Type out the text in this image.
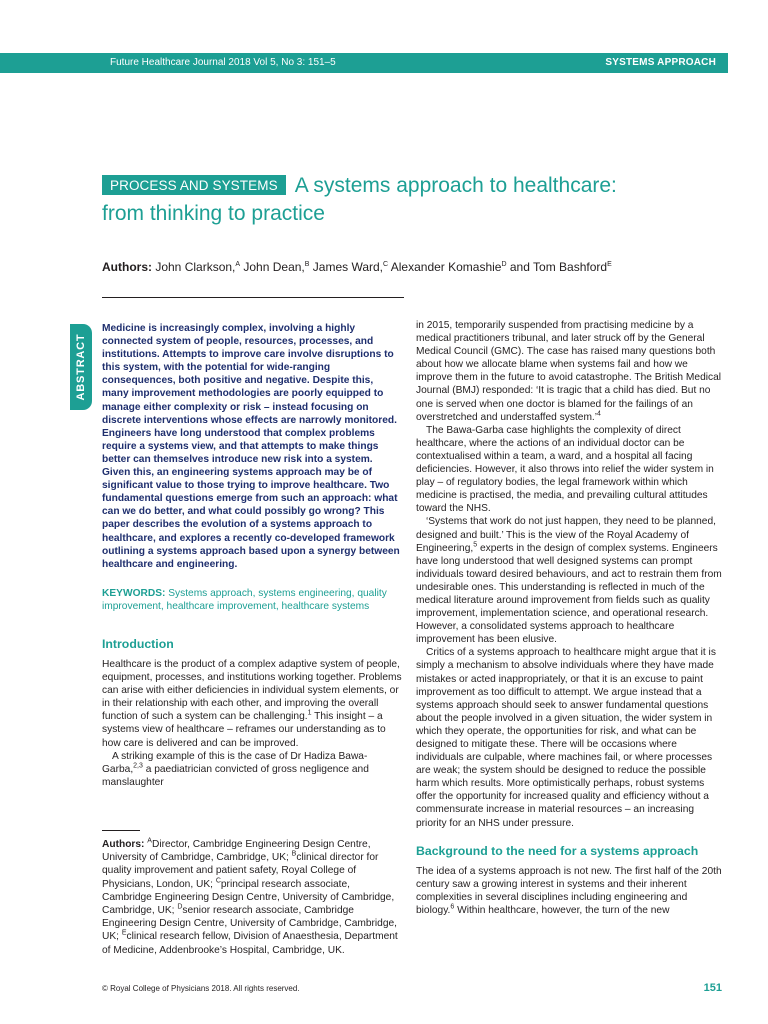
Future Healthcare Journal 2018 Vol 5, No 3: 151–5	SYSTEMS APPROACH
PROCESS AND SYSTEMS A systems approach to healthcare:
from thinking to practice
Authors: John Clarkson,$^A$ John Dean,$^B$ James Ward,$^C$ Alexander Komashie$^D$ and Tom Bashford$^E$
ABSTRACT

Medicine is increasingly complex, involving a highly connected system of people, resources, processes, and institutions. Attempts to improve care involve disruptions to this system, with the potential for wide-ranging consequences, both positive and negative. Despite this, many improvement methodologies are poorly equipped to manage either complexity or risk – instead focusing on discrete interventions whose effects are narrowly monitored. Engineers have long understood that complex problems require a systems view, and that attempts to make things better can themselves introduce new risk into a system. Given this, an engineering systems approach may be of significant value to those trying to improve healthcare. Two fundamental questions emerge from such an approach: what can we do better, and what could possibly go wrong? This paper describes the evolution of a systems approach to healthcare, and explores a recently co-developed framework outlining a systems approach based upon a synergy between healthcare and engineering.

KEYWORDS: Systems approach, systems engineering, quality improvement, healthcare improvement, healthcare systems

Introduction

Healthcare is the product of a complex adaptive system of people, equipment, processes, and institutions working together. Problems can arise with either deficiencies in individual system elements, or in their relationship with each other, and improving the overall function of such a system can be challenging.$^1$ This insight – a systems view of healthcare – reframes our understanding as to how care is delivered and can be improved.

A striking example of this is the case of Dr Hadiza Bawa-Garba,$^{2,3}$ a paediatrician convicted of gross negligence and manslaughter

Authors: $^A$Director, Cambridge Engineering Design Centre, University of Cambridge, Cambridge, UK; $^B$clinical director for quality improvement and patient safety, Royal College of Physicians, London, UK; $^C$principal research associate, Cambridge Engineering Design Centre, University of Cambridge, Cambridge, UK; $^D$senior research associate, Cambridge Engineering Design Centre, University of Cambridge, Cambridge, UK; $^E$clinical research fellow, Division of Anaesthesia, Department of Medicine, Addenbrooke’s Hospital, Cambridge, UK.

in 2015, temporarily suspended from practising medicine by a medical practitioners tribunal, and later struck off by the General Medical Council (GMC). The case has raised many questions both about how we allocate blame when systems fail and how we improve them in the future to avoid catastrophe. The British Medical Journal (BMJ) responded: ‘It is tragic that a child has died. But no one is served when one doctor is blamed for the failings of an overstretched and understaffed system.’$^4$

The Bawa-Garba case highlights the complexity of direct healthcare, where the actions of an individual doctor can be contextualised within a team, a ward, and a hospital all facing deficiencies. However, it also throws into relief the wider system in play – of regulatory bodies, the legal framework within which medicine is practised, the media, and prevailing cultural attitudes toward the NHS.

‘Systems that work do not just happen, they need to be planned, designed and built.’ This is the view of the Royal Academy of Engineering,$^5$ experts in the design of complex systems. Engineers have long understood that well designed systems can prompt individuals toward desired behaviours, and act to restrain them from undesirable ones. This understanding is reflected in much of the medical literature around improvement from fields such as quality improvement, implementation science, and operational research. However, a consolidated systems approach to healthcare improvement has been elusive.

Critics of a systems approach to healthcare might argue that it is simply a mechanism to absolve individuals where they have made mistakes or acted inappropriately, or that it is an excuse to paint improvement as too difficult to attempt. We argue instead that a systems approach should seek to answer fundamental questions about the people involved in a given situation, the wider system in which they operate, the opportunities for risk, and what can be designed to mitigate these. There will be occasions where individuals are culpable, where machines fail, or where processes are weak; the system should be designed to reduce the possible harm which results. More optimistically perhaps, robust systems offer the opportunity for increased quality and efficiency without a commensurate increase in material resources – an increasing priority for an NHS under pressure.

Background to the need for a systems approach

The idea of a systems approach is not new. The first half of the 20th century saw a growing interest in systems and their inherent complexities in several disciplines including engineering and biology.$^6$ Within healthcare, however, the turn of the new

© Royal College of Physicians 2018. All rights reserved.	151
